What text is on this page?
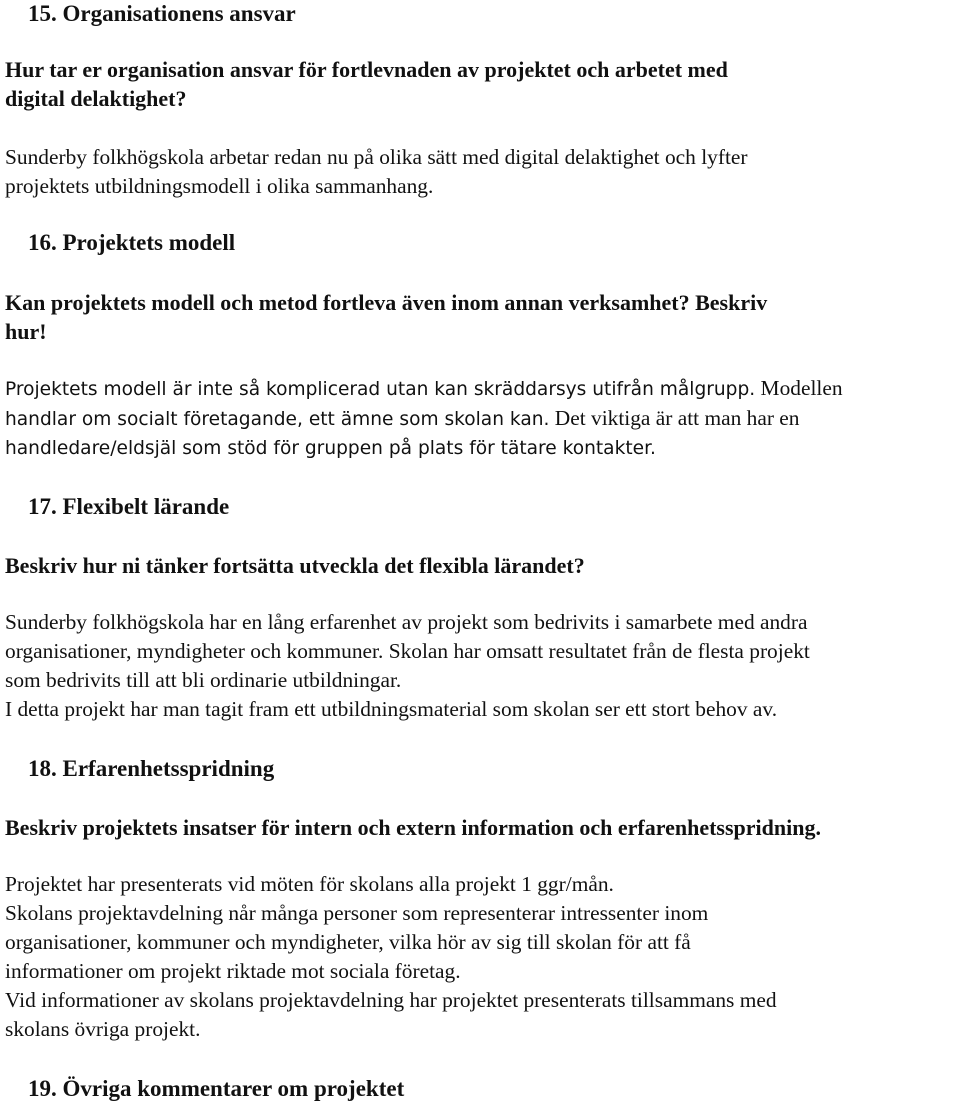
15. Organisationens ansvar
Hur tar er organisation ansvar för fortlevnaden av projektet och arbetet med
digital delaktighet?
Sunderby folkhögskola arbetar redan nu på olika sätt med digital delaktighet och lyfter
projektets utbildningsmodell i olika sammanhang.
16. Projektets modell
Kan projektets modell och metod fortleva även inom annan verksamhet? Beskriv
hur!
Projektets modell är inte så komplicerad utan kan skräddarsys utifrån målgrupp. Modellen
handlar om socialt företagande, ett ämne som skolan kan. Det viktiga är att man har en
handledare/eldsjäl som stöd för gruppen på plats för tätare kontakter.
17. Flexibelt lärande
Beskriv hur ni tänker fortsätta utveckla det flexibla lärandet?
Sunderby folkhögskola har en lång erfarenhet av projekt som bedrivits i samarbete med andra
organisationer, myndigheter och kommuner. Skolan har omsatt resultatet från de flesta projekt
som bedrivits till att bli ordinarie utbildningar.
I detta projekt har man tagit fram ett utbildningsmaterial som skolan ser ett stort behov av.
18. Erfarenhetsspridning
Beskriv projektets insatser för intern och extern information och erfarenhetsspridning.
Projektet har presenterats vid möten för skolans alla projekt 1 ggr/mån.
Skolans projektavdelning når många personer som representerar intressenter inom
organisationer, kommuner och myndigheter, vilka hör av sig till skolan för att få
informationer om projekt riktade mot sociala företag.
Vid informationer av skolans projektavdelning har projektet presenterats tillsammans med
skolans övriga projekt.
19. Övriga kommentarer om projektet
